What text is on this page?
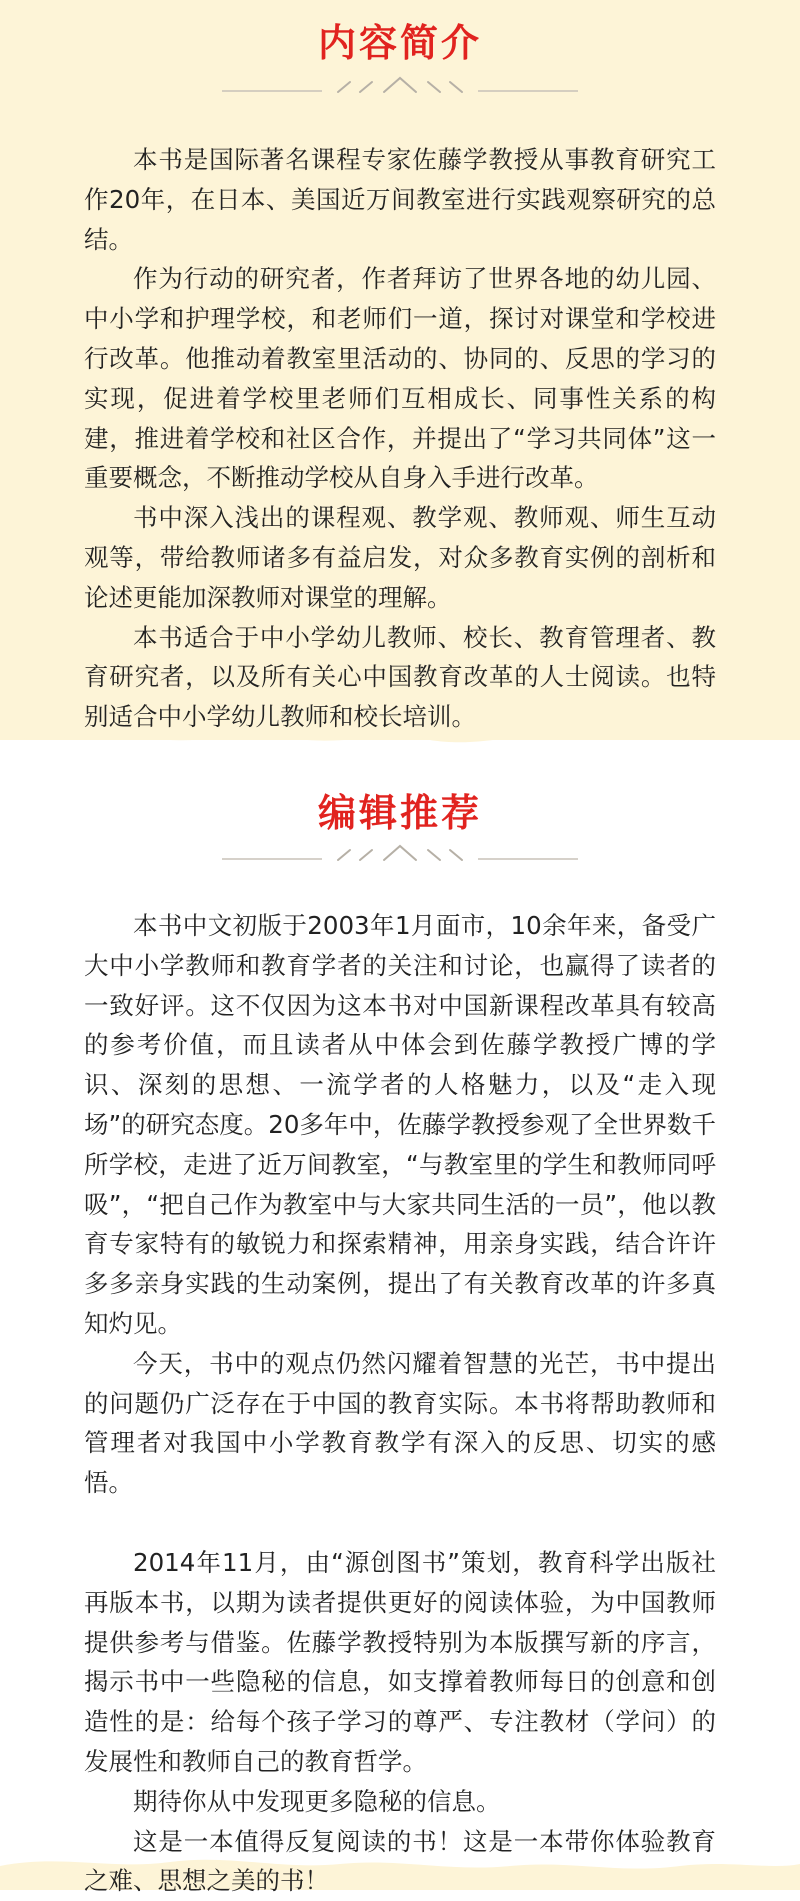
内容简介

本书是国际著名课程专家佐藤学教授从事教育研究工作20年，在日本、美国近万间教室进行实践观察研究的总结。

作为行动的研究者，作者拜访了世界各地的幼儿园、中小学和护理学校，和老师们一道，探讨对课堂和学校进行改革。他推动着教室里活动的、协同的、反思的学习的实现，促进着学校里老师们互相成长、同事性关系的构建，推进着学校和社区合作，并提出了“学习共同体”这一重要概念，不断推动学校从自身入手进行改革。

书中深入浅出的课程观、教学观、教师观、师生互动观等，带给教师诸多有益启发，对众多教育实例的剖析和论述更能加深教师对课堂的理解。

本书适合于中小学幼儿教师、校长、教育管理者、教育研究者，以及所有关心中国教育改革的人士阅读。也特别适合中小学幼儿教师和校长培训。

编辑推荐

本书中文初版于2003年1月面市，10余年来，备受广大中小学教师和教育学者的关注和讨论，也赢得了读者的一致好评。这不仅因为这本书对中国新课程改革具有较高的参考价值，而且读者从中体会到佐藤学教授广博的学识、深刻的思想、一流学者的人格魅力，以及“走入现场”的研究态度。20多年中，佐藤学教授参观了全世界数千所学校，走进了近万间教室，“与教室里的学生和教师同呼吸”，“把自己作为教室中与大家共同生活的一员”，他以教育专家特有的敏锐力和探索精神，用亲身实践，结合许许多多亲身实践的生动案例，提出了有关教育改革的许多真知灼见。

今天，书中的观点仍然闪耀着智慧的光芒，书中提出的问题仍广泛存在于中国的教育实际。本书将帮助教师和管理者对我国中小学教育教学有深入的反思、切实的感悟。

2014年11月，由“源创图书”策划，教育科学出版社再版本书，以期为读者提供更好的阅读体验，为中国教师提供参考与借鉴。佐藤学教授特别为本版撰写新的序言，揭示书中一些隐秘的信息，如支撑着教师每日的创意和创造性的是：给每个孩子学习的尊严、专注教材（学问）的发展性和教师自己的教育哲学。

期待你从中发现更多隐秘的信息。

这是一本值得反复阅读的书！这是一本带你体验教育之难、思想之美的书！
